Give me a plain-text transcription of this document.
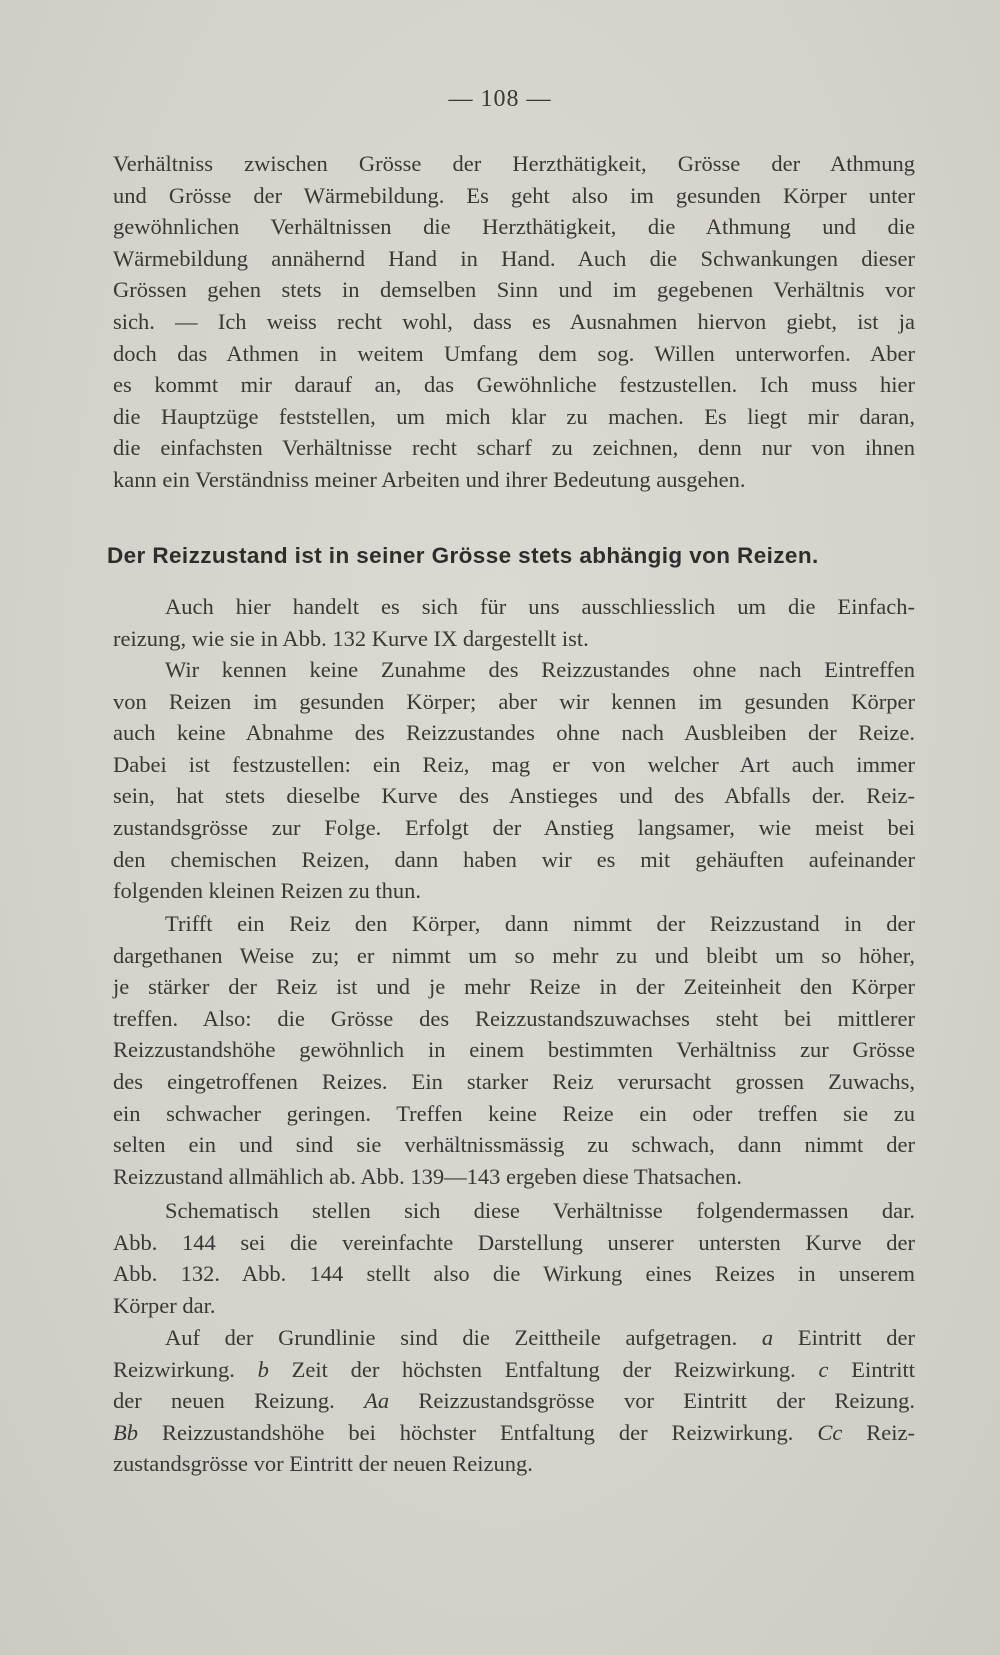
— 108 —

Verhältniss zwischen Grösse der Herzthätigkeit, Grösse der Athmung
und Grösse der Wärmebildung. Es geht also im gesunden Körper unter
gewöhnlichen Verhältnissen die Herzthätigkeit, die Athmung und die
Wärmebildung annähernd Hand in Hand. Auch die Schwankungen dieser
Grössen gehen stets in demselben Sinn und im gegebenen Verhältnis vor
sich. — Ich weiss recht wohl, dass es Ausnahmen hiervon giebt, ist ja
doch das Athmen in weitem Umfang dem sog. Willen unterworfen. Aber
es kommt mir darauf an, das Gewöhnliche festzustellen. Ich muss hier
die Hauptzüge feststellen, um mich klar zu machen. Es liegt mir daran,
die einfachsten Verhältnisse recht scharf zu zeichnen, denn nur von ihnen
kann ein Verständniss meiner Arbeiten und ihrer Bedeutung ausgehen.

Der Reizzustand ist in seiner Grösse stets abhängig von Reizen.

Auch hier handelt es sich für uns ausschliesslich um die Einfach-
reizung, wie sie in Abb. 132 Kurve IX dargestellt ist.

Wir kennen keine Zunahme des Reizzustandes ohne nach Eintreffen
von Reizen im gesunden Körper; aber wir kennen im gesunden Körper
auch keine Abnahme des Reizzustandes ohne nach Ausbleiben der Reize.
Dabei ist festzustellen: ein Reiz, mag er von welcher Art auch immer
sein, hat stets dieselbe Kurve des Anstieges und des Abfalls der. Reiz-
zustandsgrösse zur Folge. Erfolgt der Anstieg langsamer, wie meist bei
den chemischen Reizen, dann haben wir es mit gehäuften aufeinander
folgenden kleinen Reizen zu thun.

Trifft ein Reiz den Körper, dann nimmt der Reizzustand in der
dargethanen Weise zu; er nimmt um so mehr zu und bleibt um so höher,
je stärker der Reiz ist und je mehr Reize in der Zeiteinheit den Körper
treffen. Also: die Grösse des Reizzustandszuwachses steht bei mittlerer
Reizzustandshöhe gewöhnlich in einem bestimmten Verhältniss zur Grösse
des eingetroffenen Reizes. Ein starker Reiz verursacht grossen Zuwachs,
ein schwacher geringen. Treffen keine Reize ein oder treffen sie zu
selten ein und sind sie verhältnissmässig zu schwach, dann nimmt der
Reizzustand allmählich ab. Abb. 139—143 ergeben diese Thatsachen.

Schematisch stellen sich diese Verhältnisse folgendermassen dar.
Abb. 144 sei die vereinfachte Darstellung unserer untersten Kurve der
Abb. 132. Abb. 144 stellt also die Wirkung eines Reizes in unserem
Körper dar.

Auf der Grundlinie sind die Zeittheile aufgetragen. a Eintritt der
Reizwirkung. b Zeit der höchsten Entfaltung der Reizwirkung. c Eintritt
der neuen Reizung. Aa Reizzustandsgrösse vor Eintritt der Reizung.
Bb Reizzustandshöhe bei höchster Entfaltung der Reizwirkung. Cc Reiz-
zustandsgrösse vor Eintritt der neuen Reizung.
